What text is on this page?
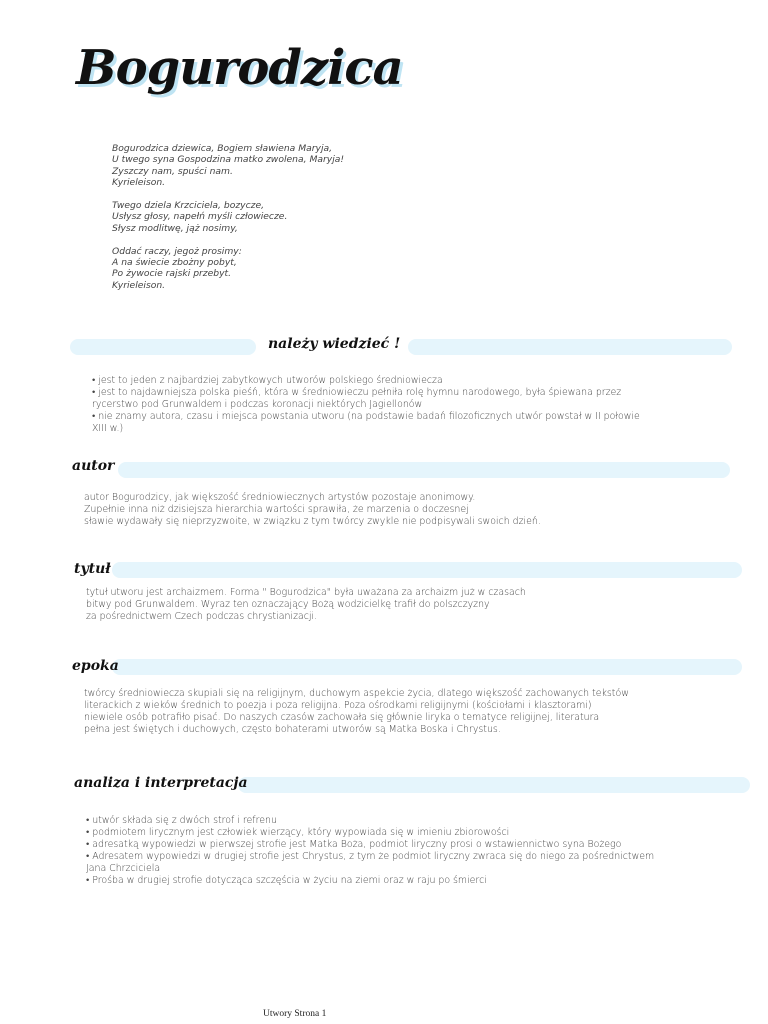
Bogurodzica
Bogurodzica dziewica, Bogiem sławiena Maryja,
U twego syna Gospodzina matko zwolena, Maryja!
Zyszczy nam, spuści nam.
Kyrieleison.
Twego dziela Krzciciela, bozycze,
Usłysz głosy, napełń myśli człowiecze.
Słysz modlitwę, jąż nosimy,
Oddać raczy, jegoż prosimy:
A na świecie zbożny pobyt,
Po żywocie rajski przebyt.
Kyrieleison.
należy wiedzieć !
• jest to jeden z najbardziej zabytkowych utworów polskiego średniowiecza
• jest to najdawniejsza polska pieśń, która w średniowieczu pełniła rolę hymnu narodowego, była śpiewana przez
rycerstwo pod Grunwaldem i podczas koronacji niektórych Jagiellonów
• nie znamy autora, czasu i miejsca powstania utworu (na podstawie badań filozoficznych utwór powstał w II połowie
XIII w.)
autor
autor Bogurodzicy, jak większość średniowiecznych artystów pozostaje anonimowy.
Zupełnie inna niż dzisiejsza hierarchia wartości sprawiła, że marzenia o doczesnej
sławie wydawały się nieprzyzwoite, w związku z tym twórcy zwykle nie podpisywali swoich dzień.
tytuł
tytuł utworu jest archaizmem. Forma " Bogurodzica" była uważana za archaizm już w czasach
bitwy pod Grunwaldem. Wyraz ten oznaczający Bożą wodzicielkę trafił do polszczyzny
za pośrednictwem Czech podczas chrystianizacji.
epoka
twórcy średniowiecza skupiali się na religijnym, duchowym aspekcie życia, dlatego większość zachowanych tekstów
literackich z wieków średnich to poezja i poza religijna. Poza ośrodkami religijnymi (kościołami i klasztorami)
niewiele osób potrafiło pisać. Do naszych czasów zachowała się głównie liryka o tematyce religijnej, literatura
pełna jest świętych i duchowych, często bohaterami utworów są Matka Boska i Chrystus.
analiza i interpretacja
• utwór składa się z dwóch strof i refrenu
• podmiotem lirycznym jest człowiek wierzący, który wypowiada się w imieniu zbiorowości
• adresatką wypowiedzi w pierwszej strofie jest Matka Boża, podmiot liryczny prosi o wstawiennictwo syna Bożego
• Adresatem wypowiedzi w drugiej strofie jest Chrystus, z tym że podmiot liryczny zwraca się do niego za pośrednictwem
Jana Chrzciciela
• Prośba w drugiej strofie dotycząca szczęścia w życiu na ziemi oraz w raju po śmierci
Utwory Strona 1
